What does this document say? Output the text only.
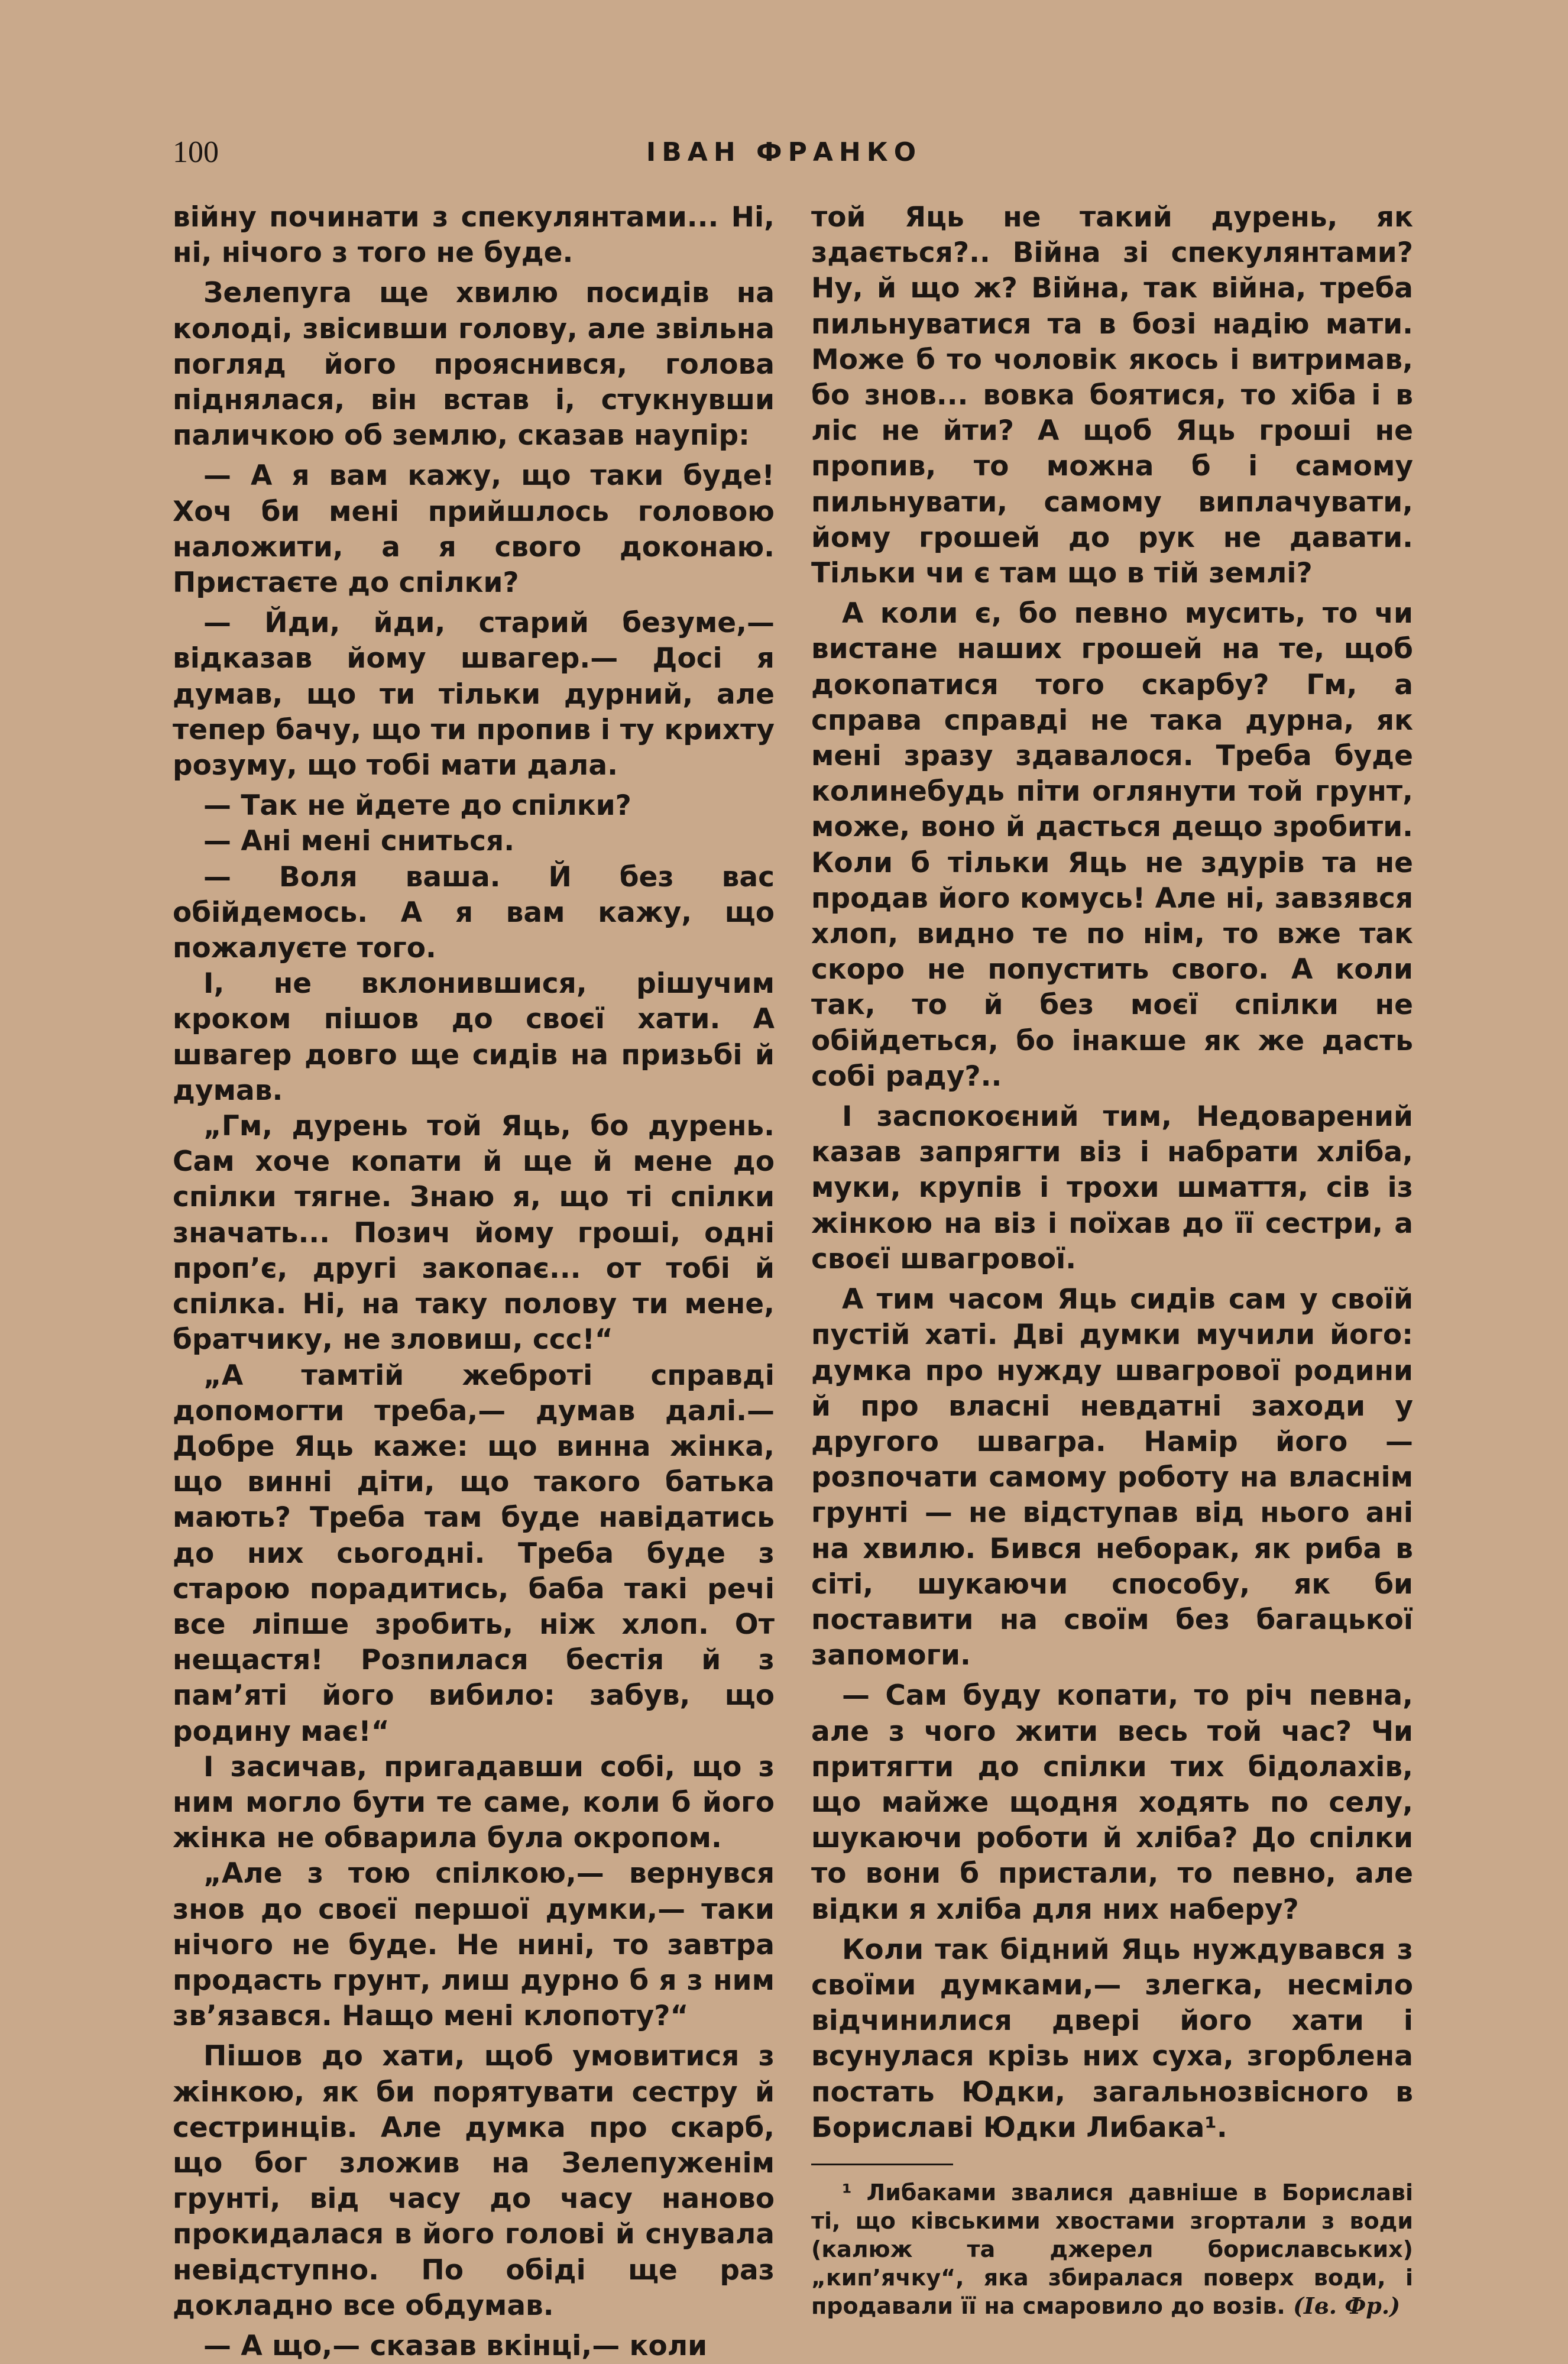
100	ІВАН ФРАНКО

війну починати з спекулянтами... Ні, ні, нічого з того не буде.

Зелепуга ще хвилю посидів на колоді, звісивши голову, але звільна погляд його прояснився, голова піднялася, він встав і, стукнувши паличкою об землю, сказав наупір:

— А я вам кажу, що таки буде! Хоч би мені прийшлось головою наложити, а я свого доконаю. Пристаєте до спілки?

— Йди, йди, старий безуме,— відказав йому швагер.— Досі я думав, що ти тільки дурний, але тепер бачу, що ти пропив і ту крихту розуму, що тобі мати дала.

— Так не йдете до спілки?

— Ані мені сниться.

— Воля ваша. Й без вас обійдемось. А я вам кажу, що пожалуєте того.

І, не вклонившися, рішучим кроком пішов до своєї хати. А швагер довго ще сидів на призьбі й думав.

„Гм, дурень той Яць, бо дурень. Сам хоче копати й ще й мене до спілки тягне. Знаю я, що ті спілки значать... Позич йому гроші, одні проп’є, другі закопає... от тобі й спілка. Ні, на таку полову ти мене, братчику, не зловиш, ссс!“

„А тамтій жеброті справді допомогти треба,— думав далі.— Добре Яць каже: що винна жінка, що винні діти, що такого батька мають? Треба там буде навідатись до них сьогодні. Треба буде з старою порадитись, баба такі речі все ліпше зробить, ніж хлоп. От нещастя! Розпилася бестія й з пам’яті його вибило: забув, що родину має!“

І засичав, пригадавши собі, що з ним могло бути те саме, коли б його жінка не обварила була окропом.

„Але з тою спілкою,— вернувся знов до своєї першої думки,— таки нічого не буде. Не нині, то завтра продасть грунт, лиш дурно б я з ним зв’язався. Нащо мені клопоту?“

Пішов до хати, щоб умовитися з жінкою, як би порятувати сестру й сестринців. Але думка про скарб, що бог зложив на Зелепуженім грунті, від часу до часу наново прокидалася в його голові й снувала невідступно. По обіді ще раз докладно все обдумав.

— А що,— сказав вкінці,— коли

той Яць не такий дурень, як здається?.. Війна зі спекулянтами? Ну, й що ж? Війна, так війна, треба пильнуватися та в бозі надію мати. Може б то чоловік якось і витримав, бо знов... вовка боятися, то хіба і в ліс не йти? А щоб Яць гроші не пропив, то можна б і самому пильнувати, самому виплачувати, йому грошей до рук не давати. Тільки чи є там що в тій землі?

А коли є, бо певно мусить, то чи вистане наших грошей на те, щоб докопатися того скарбу? Гм, а справа справді не така дурна, як мені зразу здавалося. Треба буде колинебудь піти оглянути той грунт, може, воно й дасться дещо зробити. Коли б тільки Яць не здурів та не продав його комусь! Але ні, завзявся хлоп, видно те по нім, то вже так скоро не попустить свого. А коли так, то й без моєї спілки не обійдеться, бо інакше як же дасть собі раду?..

І заспокоєний тим, Недоварений казав запрягти віз і набрати хліба, муки, крупів і трохи шмаття, сів із жінкою на віз і поїхав до її сестри, а своєї швагрової.

А тим часом Яць сидів сам у своїй пустій хаті. Дві думки мучили його: думка про нужду швагрової родини й про власні невдатні заходи у другого швагра. Намір його — розпочати самому роботу на власнім грунті — не відступав від нього ані на хвилю. Бився неборак, як риба в сіті, шукаючи способу, як би поставити на своїм без багацької запомоги.

— Сам буду копати, то річ певна, але з чого жити весь той час? Чи притягти до спілки тих бідолахів, що майже щодня ходять по селу, шукаючи роботи й хліба? До спілки то вони б пристали, то певно, але відки я хліба для них наберу?

Коли так бідний Яць нуждувався з своїми думками,— злегка, несміло відчинилися двері його хати і всунулася крізь них суха, згорблена постать Юдки, загальнозвісного в Бориславі Юдки Либака¹.

¹ Либаками звалися давніше в Бориславі ті, що ківськими хвостами згортали з води (калюж та джерел бориславських) „кип’ячку“, яка збиралася поверх води, і продавали її на смаровило до возів. (Ів. Фр.)
